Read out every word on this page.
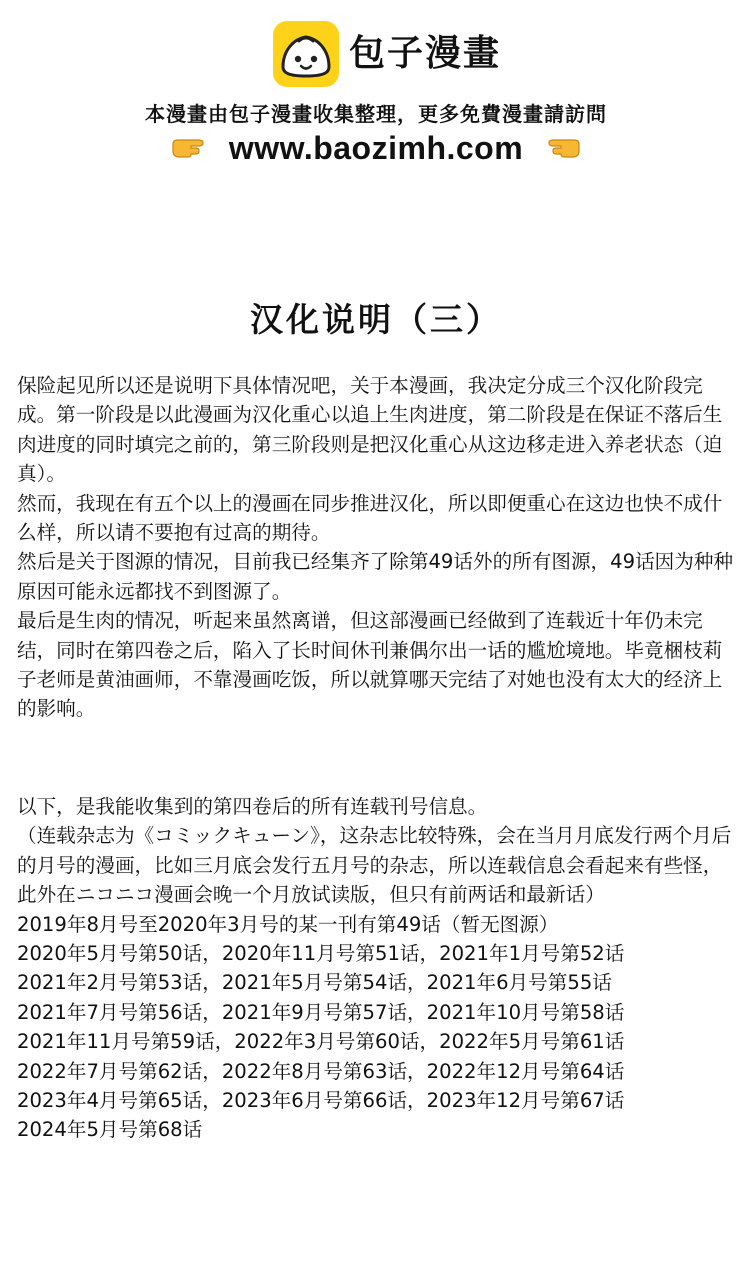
包子漫畫
本漫畫由包子漫畫收集整理，更多免費漫畫請訪問
www.baozimh.com
汉化说明（三）

保险起见所以还是说明下具体情况吧，关于本漫画，我决定分成三个汉化阶段完成。第一阶段是以此漫画为汉化重心以追上生肉进度，第二阶段是在保证不落后生肉进度的同时填完之前的，第三阶段则是把汉化重心从这边移走进入养老状态（迫真）。

然而，我现在有五个以上的漫画在同步推进汉化，所以即便重心在这边也快不成什么样，所以请不要抱有过高的期待。

然后是关于图源的情况，目前我已经集齐了除第49话外的所有图源，49话因为种种原因可能永远都找不到图源了。

最后是生肉的情况，听起来虽然离谱，但这部漫画已经做到了连载近十年仍未完结，同时在第四卷之后，陷入了长时间休刊兼偶尔出一话的尴尬境地。毕竟梱枝莉子老师是黄油画师，不靠漫画吃饭，所以就算哪天完结了对她也没有太大的经济上的影响。

以下，是我能收集到的第四卷后的所有连载刊号信息。

（连载杂志为《コミックキューン》，这杂志比较特殊，会在当月月底发行两个月后的月号的漫画，比如三月底会发行五月号的杂志，所以连载信息会看起来有些怪，此外在ニコニコ漫画会晚一个月放试读版，但只有前两话和最新话）

2019年8月号至2020年3月号的某一刊有第49话（暂无图源）

2020年5月号第50话，2020年11月号第51话，2021年1月号第52话

2021年2月号第53话，2021年5月号第54话，2021年6月号第55话

2021年7月号第56话，2021年9月号第57话，2021年10月号第58话

2021年11月号第59话，2022年3月号第60话，2022年5月号第61话

2022年7月号第62话，2022年8月号第63话，2022年12月号第64话

2023年4月号第65话，2023年6月号第66话，2023年12月号第67话

2024年5月号第68话
